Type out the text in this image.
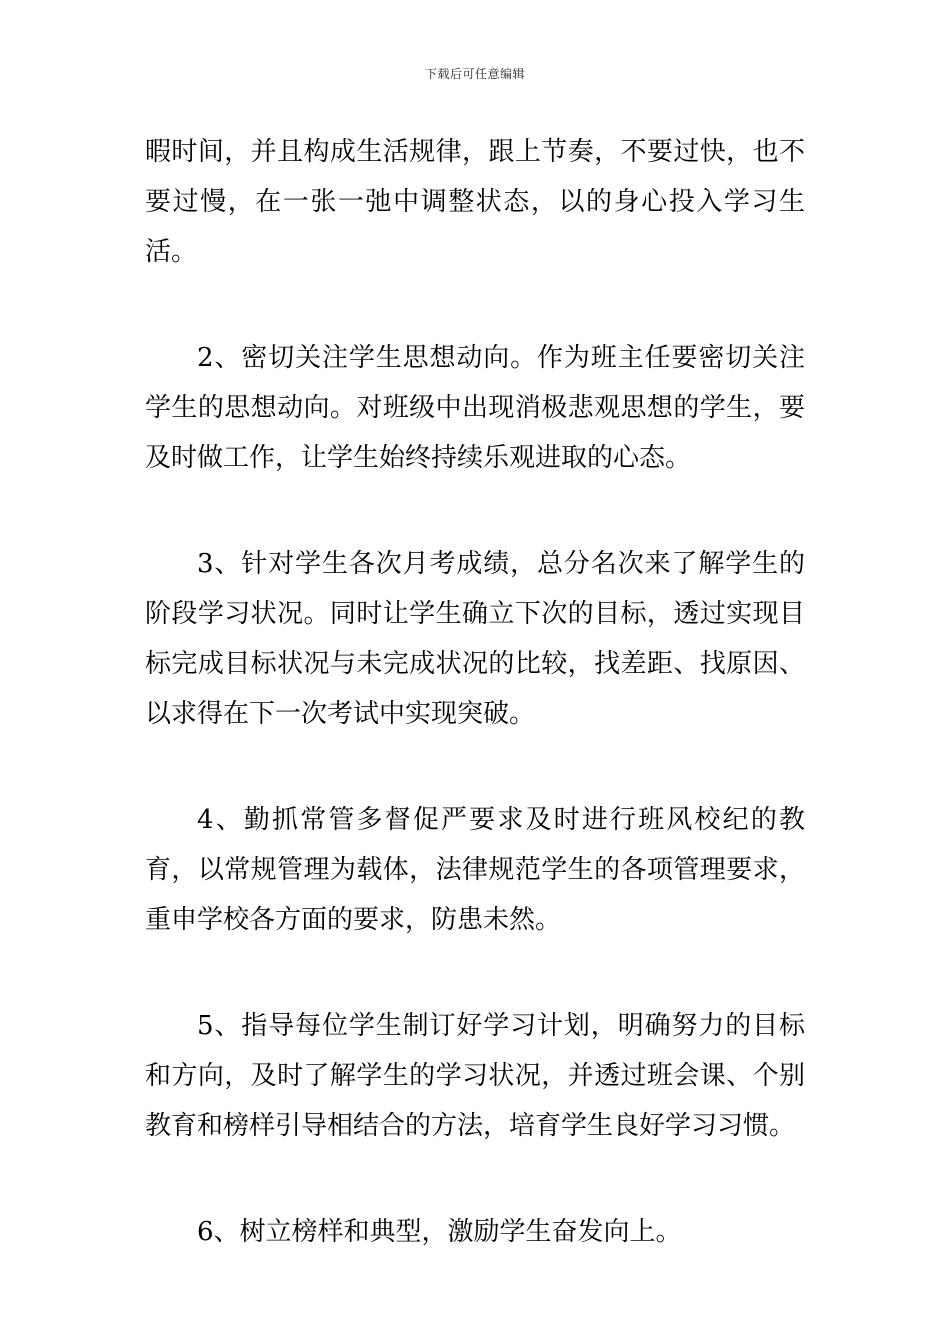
下载后可任意编辑

暇时间，并且构成生活规律，跟上节奏，不要过快，也不要过慢，在一张一弛中调整状态，以的身心投入学习生活。

2、密切关注学生思想动向。作为班主任要密切关注学生的思想动向。对班级中出现消极悲观思想的学生，要及时做工作，让学生始终持续乐观进取的心态。

3、针对学生各次月考成绩，总分名次来了解学生的阶段学习状况。同时让学生确立下次的目标，透过实现目标完成目标状况与未完成状况的比较，找差距、找原因、以求得在下一次考试中实现突破。

4、勤抓常管多督促严要求及时进行班风校纪的教育，以常规管理为载体，法律规范学生的各项管理要求，重申学校各方面的要求，防患未然。

5、指导每位学生制订好学习计划，明确努力的目标和方向，及时了解学生的学习状况，并透过班会课、个别教育和榜样引导相结合的方法，培育学生良好学习习惯。

6、树立榜样和典型，激励学生奋发向上。
